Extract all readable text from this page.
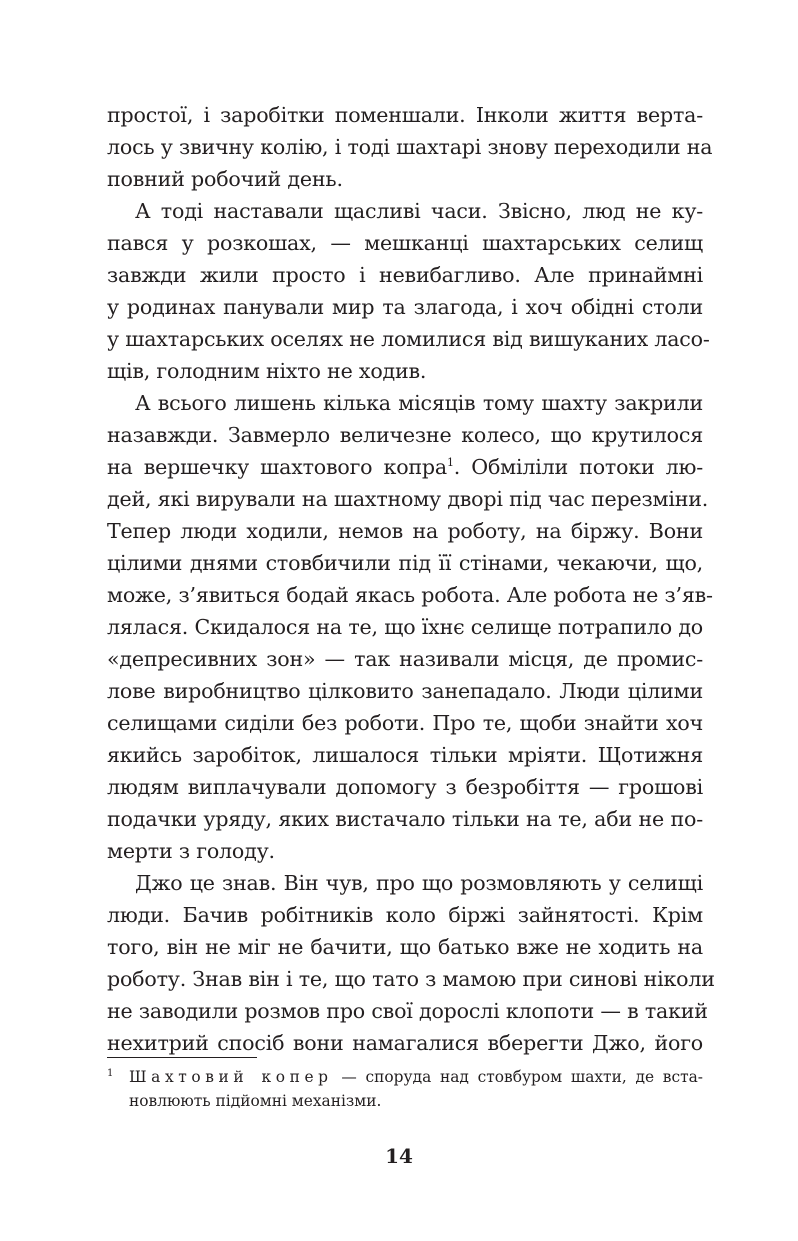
простої, і заробітки поменшали. Інколи життя верта-
лось у звичну колію, і тоді шахтарі знову переходили на
повний робочий день.

А тоді наставали щасливі часи. Звісно, люд не ку-
пався у розкошах, — мешканці шахтарських селищ
завжди жили просто і невибагливо. Але принаймні
у родинах панували мир та злагода, і хоч обідні столи
у шахтарських оселях не ломилися від вишуканих ласо-
щів, голодним ніхто не ходив.

А всього лишень кілька місяців тому шахту закрили
назавжди. Завмерло величезне колесо, що крутилося
на вершечку шахтового копра$^1$. Обміліли потоки лю-
дей, які вирували на шахтному дворі під час перезміни.
Тепер люди ходили, немов на роботу, на біржу. Вони
цілими днями стовбичили під її стінами, чекаючи, що,
може, з’явиться бодай якась робота. Але робота не з’яв-
лялася. Скидалося на те, що їхнє селище потрапило до
«депресивних зон» — так називали місця, де промис-
лове виробництво цілковито занепадало. Люди цілими
селищами сиділи без роботи. Про те, щоби знайти хоч
якийсь заробіток, лишалося тільки мріяти. Щотижня
людям виплачували допомогу з безробіття — грошові
подачки уряду, яких вистачало тільки на те, аби не по-
мерти з голоду.

Джо це знав. Він чув, про що розмовляють у селищі
люди. Бачив робітників коло біржі зайнятості. Крім
того, він не міг не бачити, що батько вже не ходить на
роботу. Знав він і те, що тато з мамою при синові ніколи
не заводили розмов про свої дорослі клопоти — в такий
нехитрий спосіб вони намагалися вберегти Джо, його

1 Шахтовий копер — споруда над стовбуром шахти, де вста-
новлюють підйомні механізми.
14
